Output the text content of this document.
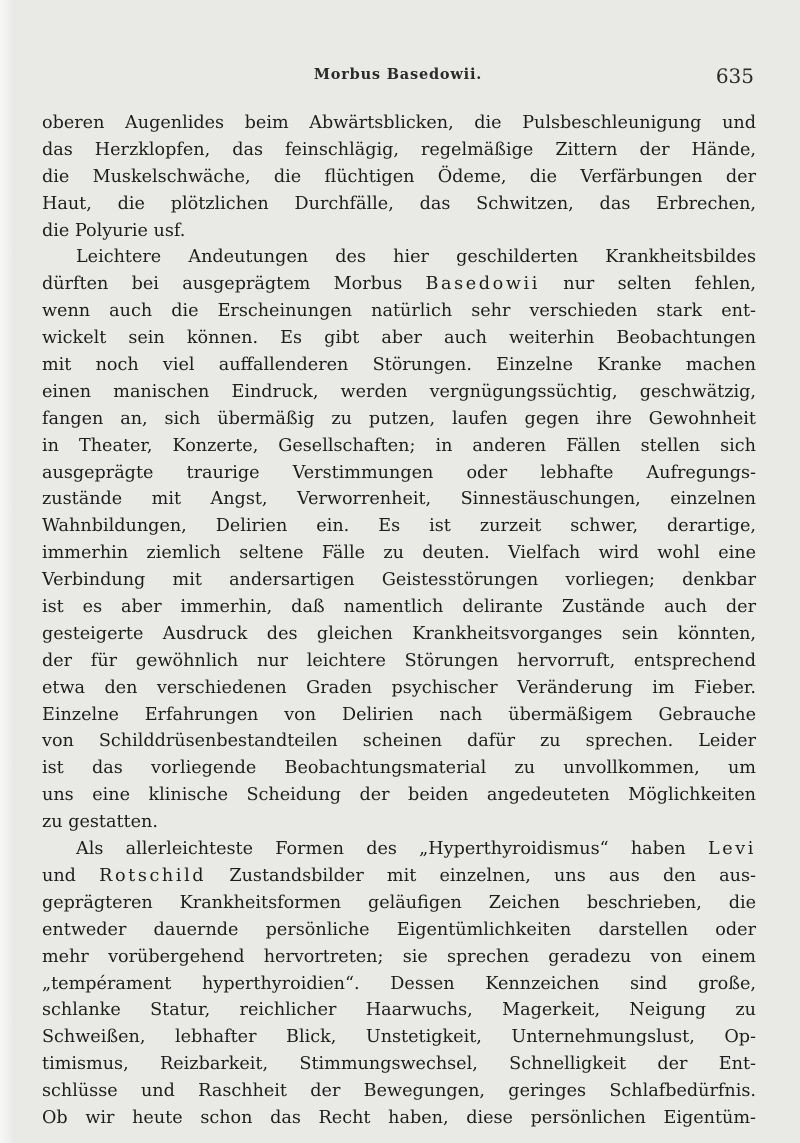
Morbus Basedowii.	635
oberen Augenlides beim Abwärtsblicken, die Pulsbeschleunigung und
das Herzklopfen, das feinschlägig, regelmäßige Zittern der Hände,
die Muskelschwäche, die flüchtigen Ödeme, die Verfärbungen der
Haut, die plötzlichen Durchfälle, das Schwitzen, das Erbrechen,
die Polyurie usf.
Leichtere Andeutungen des hier geschilderten Krankheitsbildes
dürften bei ausgeprägtem Morbus Basedowii nur selten fehlen,
wenn auch die Erscheinungen natürlich sehr verschieden stark ent-
wickelt sein können. Es gibt aber auch weiterhin Beobachtungen
mit noch viel auffallenderen Störungen. Einzelne Kranke machen
einen manischen Eindruck, werden vergnügungssüchtig, geschwätzig,
fangen an, sich übermäßig zu putzen, laufen gegen ihre Gewohnheit
in Theater, Konzerte, Gesellschaften; in anderen Fällen stellen sich
ausgeprägte traurige Verstimmungen oder lebhafte Aufregungs-
zustände mit Angst, Verworrenheit, Sinnestäuschungen, einzelnen
Wahnbildungen, Delirien ein. Es ist zurzeit schwer, derartige,
immerhin ziemlich seltene Fälle zu deuten. Vielfach wird wohl eine
Verbindung mit andersartigen Geistesstörungen vorliegen; denkbar
ist es aber immerhin, daß namentlich delirante Zustände auch der
gesteigerte Ausdruck des gleichen Krankheitsvorganges sein könnten,
der für gewöhnlich nur leichtere Störungen hervorruft, entsprechend
etwa den verschiedenen Graden psychischer Veränderung im Fieber.
Einzelne Erfahrungen von Delirien nach übermäßigem Gebrauche
von Schilddrüsenbestandteilen scheinen dafür zu sprechen. Leider
ist das vorliegende Beobachtungsmaterial zu unvollkommen, um
uns eine klinische Scheidung der beiden angedeuteten Möglichkeiten
zu gestatten.
Als allerleichteste Formen des „Hyperthyroidismus“ haben Levi
und Rotschild Zustandsbilder mit einzelnen, uns aus den aus-
geprägteren Krankheitsformen geläufigen Zeichen beschrieben, die
entweder dauernde persönliche Eigentümlichkeiten darstellen oder
mehr vorübergehend hervortreten; sie sprechen geradezu von einem
„tempérament hyperthyroidien“. Dessen Kennzeichen sind große,
schlanke Statur, reichlicher Haarwuchs, Magerkeit, Neigung zu
Schweißen, lebhafter Blick, Unstetigkeit, Unternehmungslust, Op-
timismus, Reizbarkeit, Stimmungswechsel, Schnelligkeit der Ent-
schlüsse und Raschheit der Bewegungen, geringes Schlafbedürfnis.
Ob wir heute schon das Recht haben, diese persönlichen Eigentüm-
